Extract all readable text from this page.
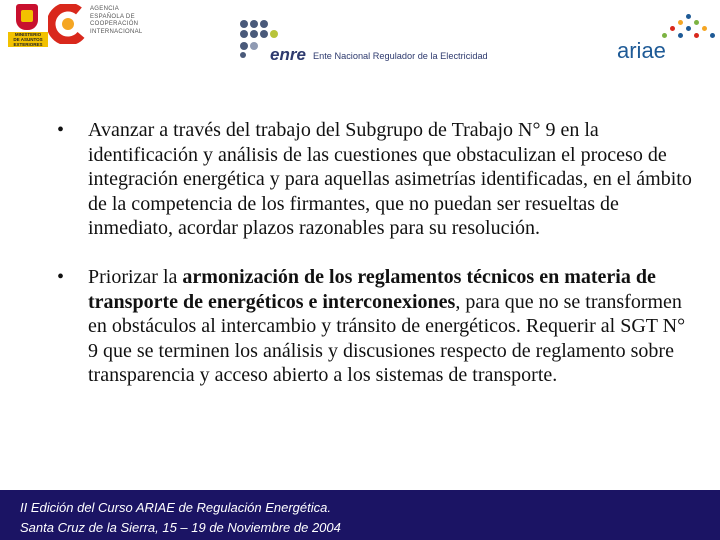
MINISTERIO
DE ASUNTOS
EXTERIORES
AGENCIA
ESPAÑOLA DE
COOPERACIÓN
INTERNACIONAL
enre Ente Nacional Regulador de la Electricidad	ariae
• Avanzar a través del trabajo del Subgrupo de Trabajo N° 9 en la identificación y análisis de las cuestiones que obstaculizan el proceso de integración energética y para aquellas asimetrías identificadas, en el ámbito de la competencia de los firmantes, que no puedan ser resueltas de inmediato, acordar plazos razonables para su resolución.
• Priorizar la armonización de los reglamentos técnicos en materia de transporte de energéticos e interconexiones, para que no se transformen en obstáculos al intercambio y tránsito de energéticos. Requerir al SGT N° 9 que se terminen los análisis y discusiones respecto de reglamento sobre transparencia y acceso abierto a los sistemas de transporte.
II Edición del Curso ARIAE de Regulación Energética.
Santa Cruz de la Sierra, 15 – 19 de Noviembre de 2004
